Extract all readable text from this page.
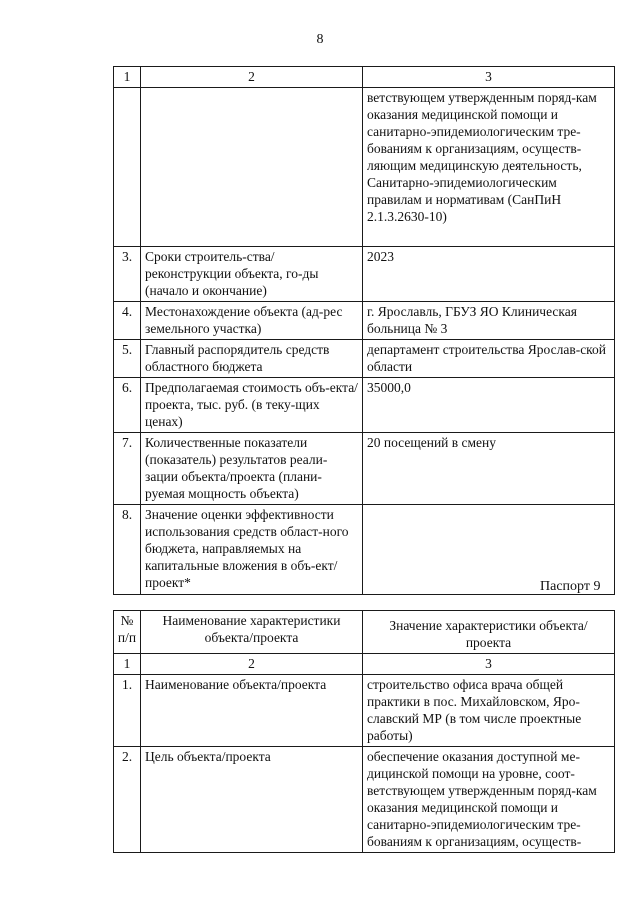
8
1	2	3
		ветствующем утвержденным поряд-кам оказания медицинской помощи и санитарно-эпидемиологическим тре-бованиям к организациям, осуществ-ляющим медицинскую деятельность, Санитарно-эпидемиологическим правилам и нормативам (СанПиН 2.1.3.2630-10)
3.	Сроки строитель-ства/реконструкции объекта, го-ды (начало и окончание)	2023
4.	Местонахождение объекта (ад-рес земельного участка)	г. Ярославль, ГБУЗ ЯО Клиническая больница № 3
5.	Главный распорядитель средств областного бюджета	департамент строительства Ярослав-ской области
6.	Предполагаемая стоимость объ-екта/проекта, тыс. руб. (в теку-щих ценах)	35000,0
7.	Количественные показатели (показатель) результатов реали-зации объекта/проекта (плани-руемая мощность объекта)	20 посещений в смену
8.	Значение оценки эффективности использования средств област-ного бюджета, направляемых на капитальные вложения в объ-ект/проект*		Паспорт 9
№ п/п	Наименование характеристики объекта/проекта	Значение характеристики объекта/проекта
1	2	3
1.	Наименование объекта/проекта	строительство офиса врача общей практики в пос. Михайловском, Яро-славский МР (в том числе проектные работы)
2.	Цель объекта/проекта	обеспечение оказания доступной ме-дицинской помощи на уровне, соот-ветствующем утвержденным поряд-кам оказания медицинской помощи и санитарно-эпидемиологическим тре-бованиям к организациям, осуществ-
